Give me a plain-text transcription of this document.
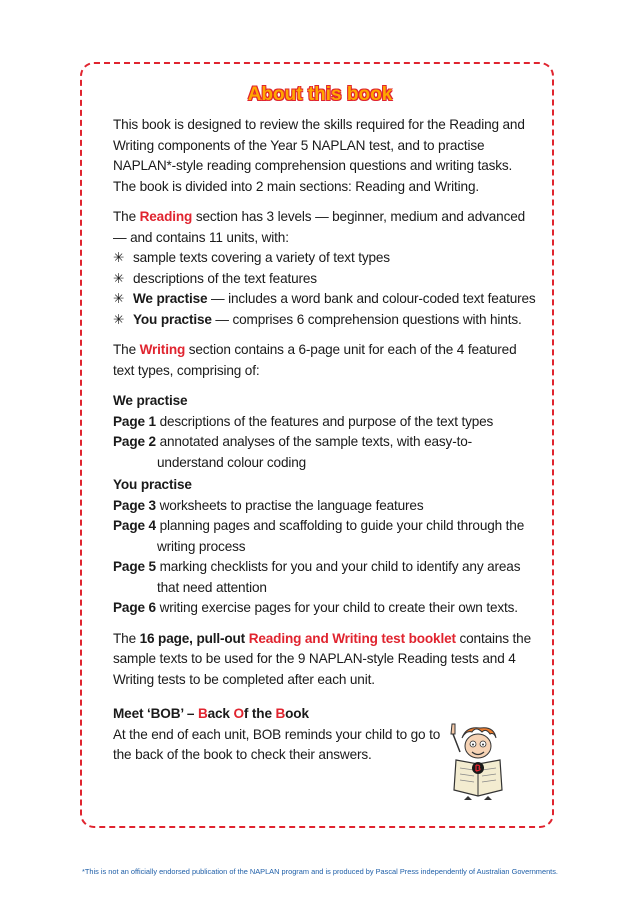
About this book

This book is designed to review the skills required for the Reading and Writing components of the Year 5 NAPLAN test, and to practise NAPLAN*-style reading comprehension questions and writing tasks. The book is divided into 2 main sections: Reading and Writing.

The Reading section has 3 levels — beginner, medium and advanced — and contains 11 units, with:

✳ sample texts covering a variety of text types
✳ descriptions of the text features
✳ We practise — includes a word bank and colour-coded text features
✳ You practise — comprises 6 comprehension questions with hints.

The Writing section contains a 6-page unit for each of the 4 featured text types, comprising of:

We practise
Page 1 descriptions of the features and purpose of the text types
Page 2 annotated analyses of the sample texts, with easy-to-understand colour coding
You practise
Page 3 worksheets to practise the language features
Page 4 planning pages and scaffolding to guide your child through the writing process
Page 5 marking checklists for you and your child to identify any areas that need attention
Page 6 writing exercise pages for your child to create their own texts.

The 16 page, pull-out Reading and Writing test booklet contains the sample texts to be used for the 9 NAPLAN-style Reading tests and 4 Writing tests to be completed after each unit.

Meet ‘BOB’ – Back Of the Book
At the end of each unit, BOB reminds your child to go to the back of the book to check their answers.
*This is not an officially endorsed publication of the NAPLAN program and is produced by Pascal Press independently of Australian Governments.
